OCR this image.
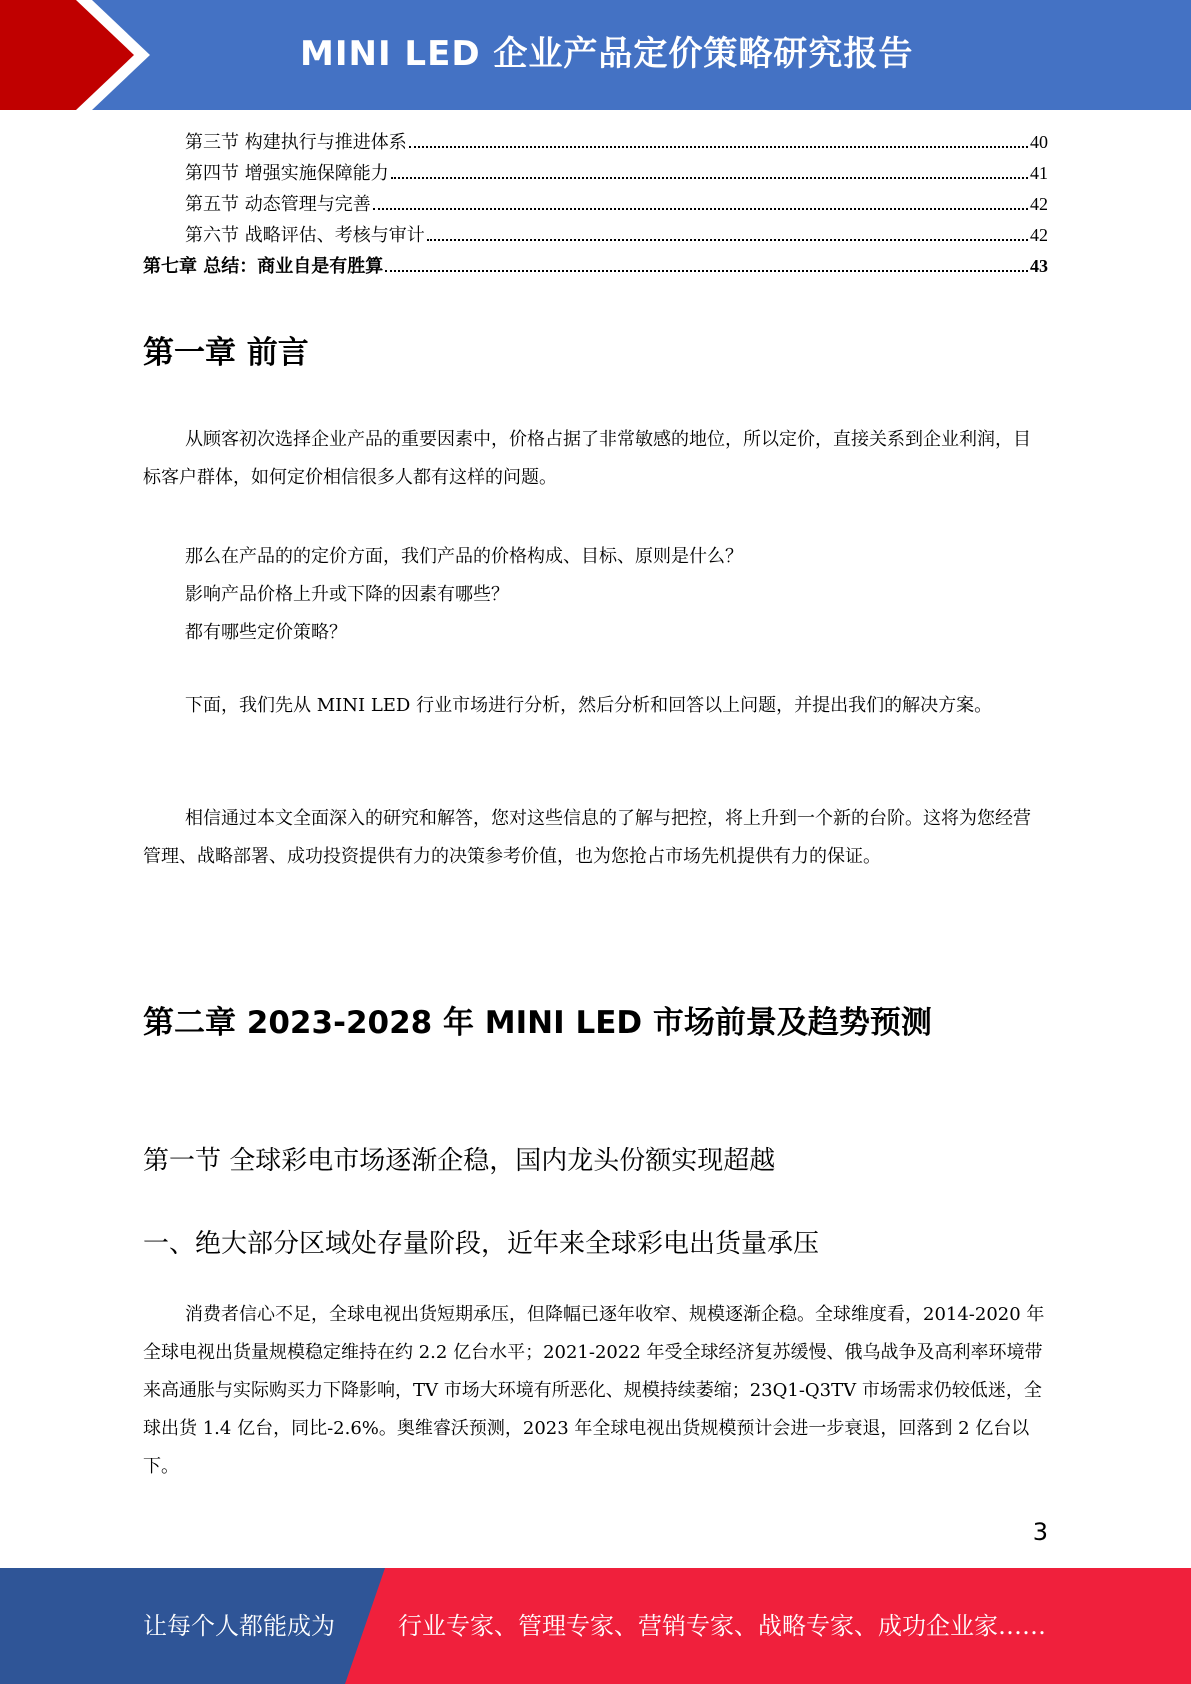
MINI LED 企业产品定价策略研究报告
第三节 构建执行与推进体系	40
第四节 增强实施保障能力	41
第五节 动态管理与完善	42
第六节 战略评估、考核与审计	42
第七章 总结：商业自是有胜算	43
第一章 前言

从顾客初次选择企业产品的重要因素中，价格占据了非常敏感的地位，所以定价，直接关系到企业利润，目标客户群体，如何定价相信很多人都有这样的问题。

那么在产品的的定价方面，我们产品的价格构成、目标、原则是什么？
影响产品价格上升或下降的因素有哪些？
都有哪些定价策略？

下面，我们先从 MINI LED 行业市场进行分析，然后分析和回答以上问题，并提出我们的解决方案。

相信通过本文全面深入的研究和解答，您对这些信息的了解与把控，将上升到一个新的台阶。这将为您经营管理、战略部署、成功投资提供有力的决策参考价值，也为您抢占市场先机提供有力的保证。

第二章 2023-2028 年 MINI LED 市场前景及趋势预测
第一节 全球彩电市场逐渐企稳，国内龙头份额实现超越
一、绝大部分区域处存量阶段，近年来全球彩电出货量承压

消费者信心不足，全球电视出货短期承压，但降幅已逐年收窄、规模逐渐企稳。全球维度看，2014-2020 年全球电视出货量规模稳定维持在约 2.2 亿台水平；2021-2022 年受全球经济复苏缓慢、俄乌战争及高利率环境带来高通胀与实际购买力下降影响，TV 市场大环境有所恶化、规模持续萎缩；23Q1-Q3TV 市场需求仍较低迷，全球出货 1.4 亿台，同比-2.6%。奥维睿沃预测，2023 年全球电视出货规模预计会进一步衰退，回落到 2 亿台以下。

3
让每个人都能成为	行业专家、管理专家、营销专家、战略专家、成功企业家……
